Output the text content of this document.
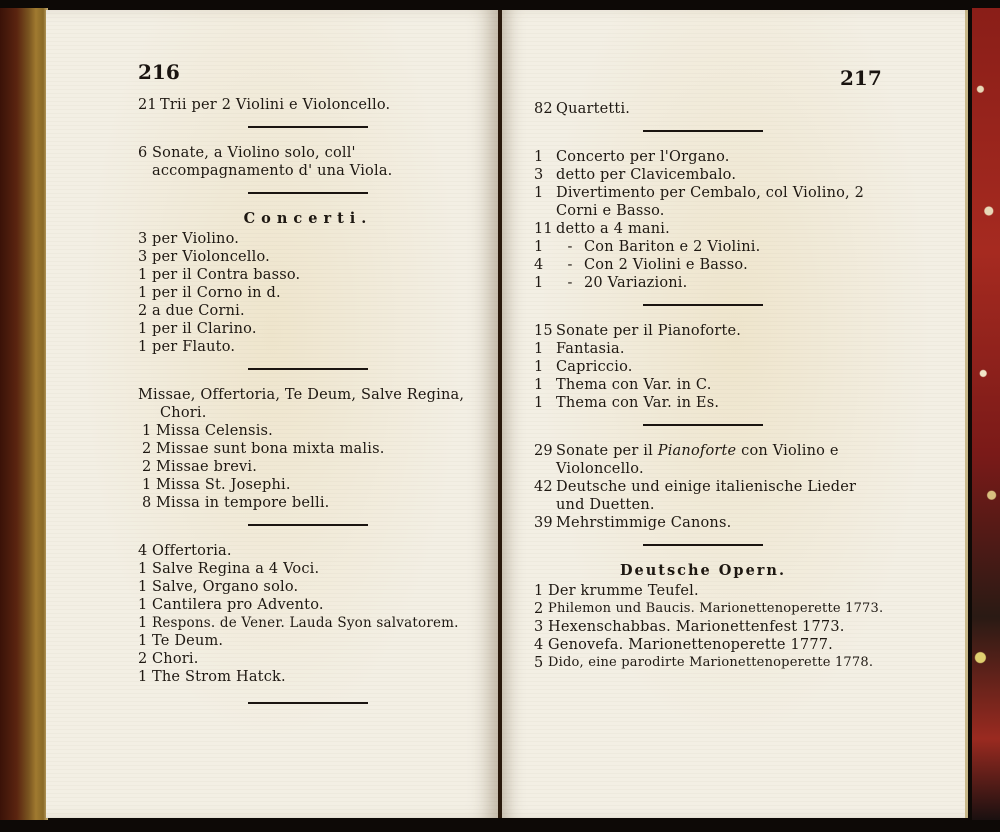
216
21 Trii per 2 Violini e Violoncello.
6 Sonate, a Violino solo, coll' accompagnamento d' una Viola.
Concerti.
3 per Violino.
3 per Violoncello.
1 per il Contra basso.
1 per il Corno in d.
2 a due Corni.
1 per il Clarino.
1 per Flauto.
Missae, Offertoria, Te Deum, Salve Regina, Chori.
1 Missa Celensis.
2 Missae sunt bona mixta malis.
2 Missae brevi.
1 Missa St. Josephi.
8 Missa in tempore belli.
4 Offertoria.
1 Salve Regina a 4 Voci.
1 Salve, Organo solo.
1 Cantilera pro Advento.
1 Respons. de Vener. Lauda Syon salvatorem.
1 Te Deum.
2 Chori.
1 The Strom Hatck.
217
82 Quartetti.
1 Concerto per l'Organo.
3 detto per Clavicembalo.
1 Divertimento per Cembalo, col Violino, 2 Corni e Basso.
11 detto a 4 mani.
1	- Con Bariton e 2 Violini.
4	- Con 2 Violini e Basso.
1	- 20 Variazioni.
15 Sonate per il Pianoforte.
1 Fantasia.
1 Capriccio.
1 Thema con Var. in C.
1 Thema con Var. in Es.
29 Sonate per il Pianoforte con Violino e Violoncello.
42 Deutsche und einige italienische Lieder und Duetten.
39 Mehrstimmige Canons.
Deutsche Opern.
1 Der krumme Teufel.
2 Philemon und Baucis. Marionettenoperette 1773.
3 Hexenschabbas. Marionettenfest 1773.
4 Genovefa. Marionettenoperette 1777.
5 Dido, eine parodirte Marionettenoperette 1778.
